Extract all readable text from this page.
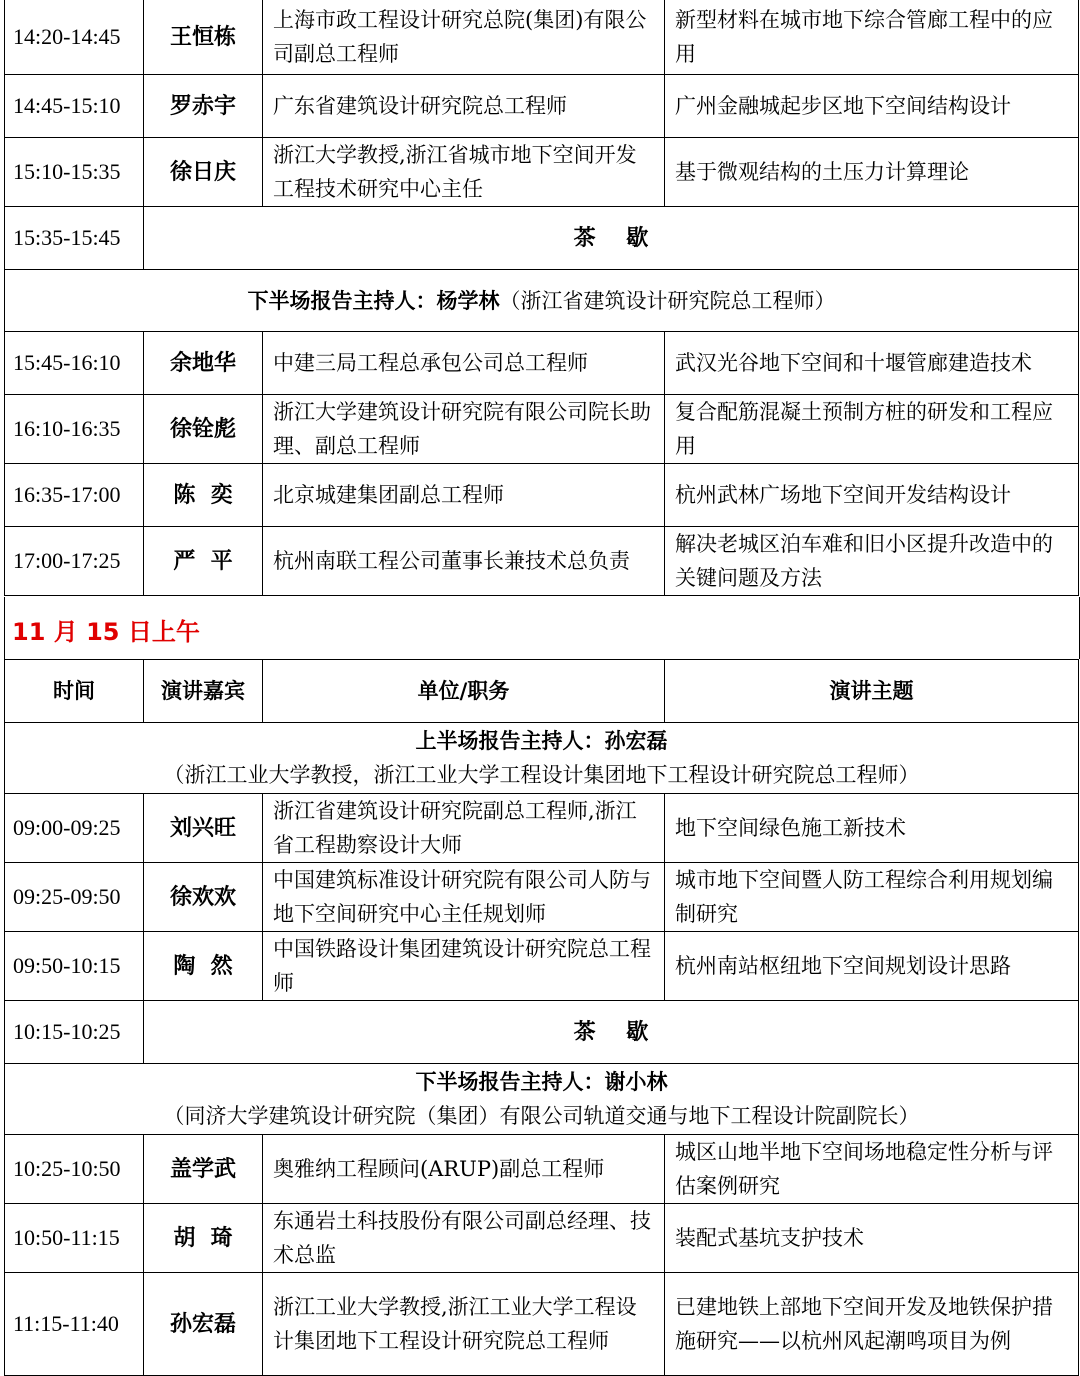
14:20-14:45	王恒栋	上海市政工程设计研究总院(集团)有限公司副总工程师	新型材料在城市地下综合管廊工程中的应用
14:45-15:10	罗赤宇	广东省建筑设计研究院总工程师	广州金融城起步区地下空间结构设计
15:10-15:35	徐日庆	浙江大学教授,浙江省城市地下空间开发工程技术研究中心主任	基于微观结构的土压力计算理论
15:35-15:45	茶    歇		
下半场报告主持人：杨学林（浙江省建筑设计研究院总工程师）			
15:45-16:10	余地华	中建三局工程总承包公司总工程师	武汉光谷地下空间和十堰管廊建造技术
16:10-16:35	徐铨彪	浙江大学建筑设计研究院有限公司院长助理、副总工程师	复合配筋混凝土预制方桩的研发和工程应用
16:35-17:00	陈  奕	北京城建集团副总工程师	杭州武林广场地下空间开发结构设计
17:00-17:25	严  平	杭州南联工程公司董事长兼技术总负责	解决老城区泊车难和旧小区提升改造中的关键问题及方法
11 月 15 日上午
时间	演讲嘉宾	单位/职务	演讲主题

上半场报告主持人：孙宏磊
（浙江工业大学教授，浙江工业大学工程设计集团地下工程设计研究院总工程师）			

09:00-09:25	刘兴旺	浙江省建筑设计研究院副总工程师,浙江省工程勘察设计大师	地下空间绿色施工新技术
09:25-09:50	徐欢欢	中国建筑标准设计研究院有限公司人防与地下空间研究中心主任规划师	城市地下空间暨人防工程综合利用规划编制研究
09:50-10:15	陶  然	中国铁路设计集团建筑设计研究院总工程师	杭州南站枢纽地下空间规划设计思路
10:15-10:25	茶    歇		

下半场报告主持人：谢小林
（同济大学建筑设计研究院（集团）有限公司轨道交通与地下工程设计院副院长）			

10:25-10:50	盖学武	奥雅纳工程顾问(ARUP)副总工程师	城区山地半地下空间场地稳定性分析与评估案例研究
10:50-11:15	胡  琦	东通岩土科技股份有限公司副总经理、技术总监	装配式基坑支护技术
11:15-11:40	孙宏磊	浙江工业大学教授,浙江工业大学工程设计集团地下工程设计研究院总工程师	已建地铁上部地下空间开发及地铁保护措施研究——以杭州风起潮鸣项目为例
